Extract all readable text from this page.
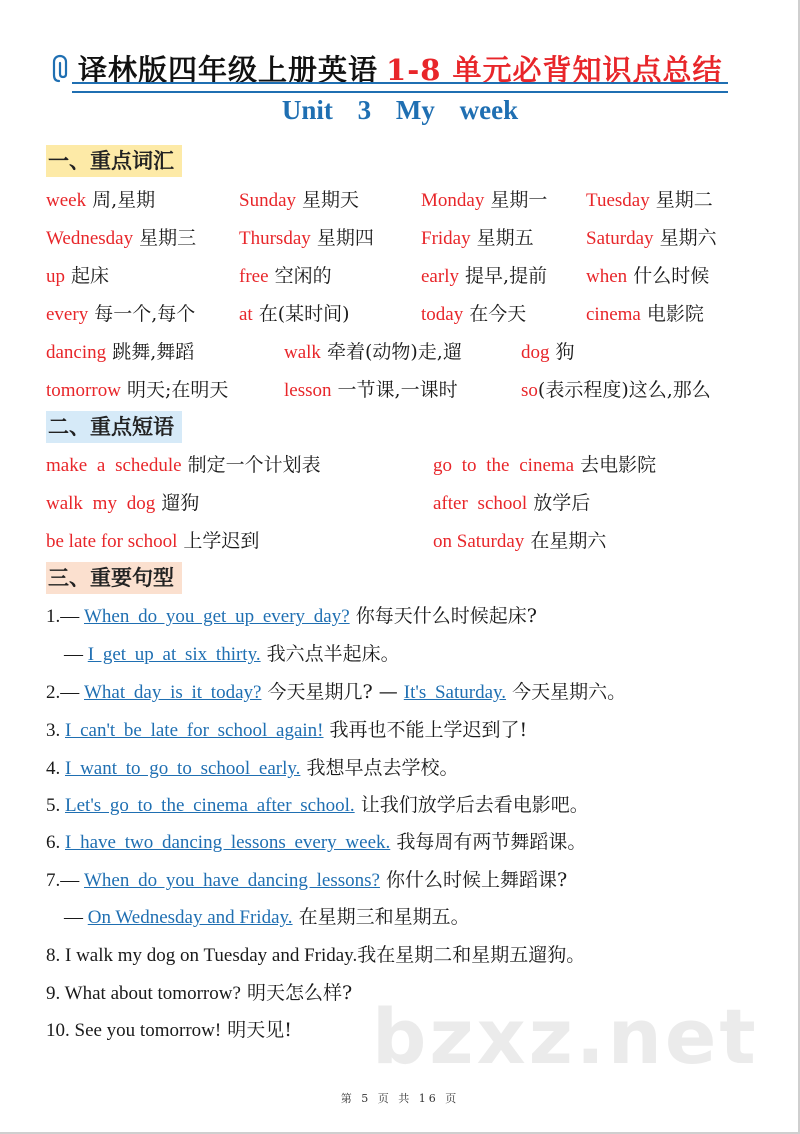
译林版四年级上册英语 1-8 单元必背知识点总结
Unit 3 My week
一、重点词汇
week 周,星期	Sunday 星期天	Monday 星期一 Tuesday 星期二
Wednesday 星期三 Thursday 星期四 Friday 星期五	Saturday 星期六
up 起床	free 空闲的	early 提早,提前 when 什么时候
every 每一个,每个 at 在(某时间)	today 在今天	cinema 电影院
dancing 跳舞,舞蹈	walk 牵着(动物)走,遛	dog 狗
tomorrow 明天;在明天	lesson 一节课,一课时	so(表示程度)这么,那么
二、重点短语
make a schedule 制定一个计划表	go to the cinema 去电影院
walk my dog 遛狗	after school 放学后
be late for school 上学迟到	on Saturday 在星期六
三、重要句型
1.— When do you get up every day? 你每天什么时候起床?
— I get up at six thirty. 我六点半起床。
2.— What day is it today? 今天星期几? — It's Saturday. 今天星期六。
3. I can't be late for school again! 我再也不能上学迟到了!
4. I want to go to school early. 我想早点去学校。
5. Let's go to the cinema after school. 让我们放学后去看电影吧。
6. I have two dancing lessons every week. 我每周有两节舞蹈课。
7.— When do you have dancing lessons? 你什么时候上舞蹈课?
— On Wednesday and Friday. 在星期三和星期五。
8. I walk my dog on Tuesday and Friday.我在星期二和星期五遛狗。
9. What about tomorrow? 明天怎么样?
10. See you tomorrow! 明天见! bzxz.net
第 5 页 共 16 页
